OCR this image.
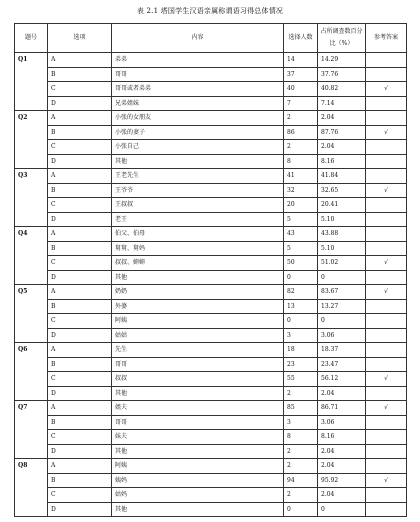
表 2.1 塔国学生汉语亲属称谓语习得总体情况
题号	选项	内容	选择人数	占所调查数百分比（%）	参考答案
Q1	A	弟弟	14	14.29	
	B	哥哥	37	37.76	
	C	哥哥或者弟弟	40	40.82	√
	D	兄弟姐妹	7	7.14	
Q2	A	小张的女朋友	2	2.04	
	B	小张的妻子	86	87.76	√
	C	小张自己	2	2.04	
	D	其他	8	8.16	
Q3	A	王老先生	41	41.84	
	B	王爷爷	32	32.65	√
	C	王叔叔	20	20.41	
	D	老王	5	5.10	
Q4	A	伯父、伯母	43	43.88	
	B	舅舅、舅妈	5	5.10	
	C	叔叔、婶婶	50	51.02	√
	D	其他	0	0	
Q5	A	奶奶	82	83.67	√
	B	外婆	13	13.27	
	C	阿姨	0	0	
	D	姑姑	3	3.06	
Q6	A	先生	18	18.37	
	B	哥哥	23	23.47	
	C	叔叔	55	56.12	√
	D	其他	2	2.04	
Q7	A	姐夫	85	86.71	√
	B	哥哥	3	3.06	
	C	妹夫	8	8.16	
	D	其他	2	2.04	
Q8	A	阿姨	2	2.04	
	B	姨妈	94	95.92	√
	C	姑妈	2	2.04	
	D	其他	0	0	
